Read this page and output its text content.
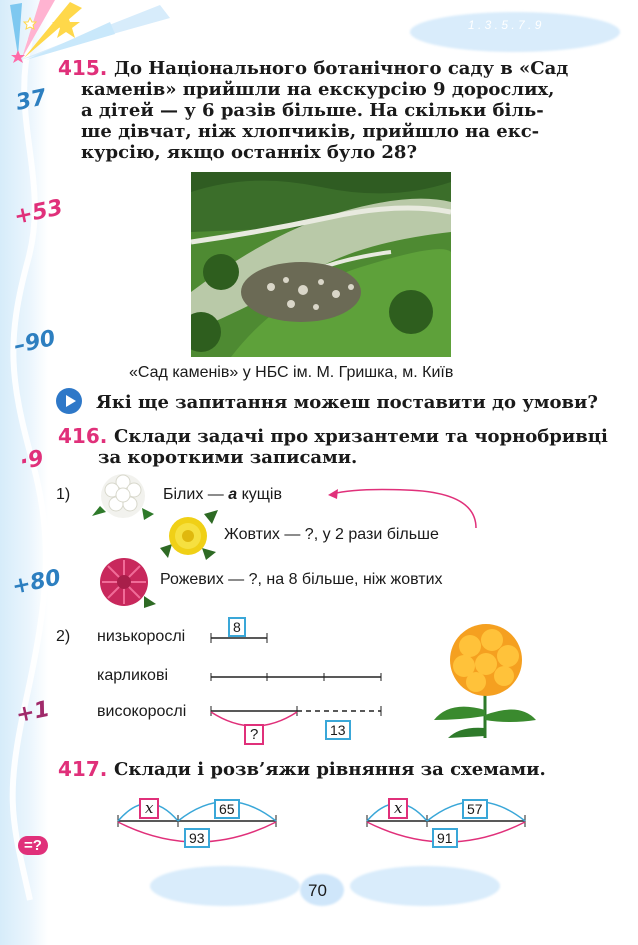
1 . 3 . 5 . 7 . 9
37
+53
–90
·9
+80
+1
=?
415. До Національного ботанічного саду в «Сад
каменів» прийшли на екскурсію 9 дорослих,
а дітей — у 6 разів більше. На скільки біль-
ше дівчат, ніж хлопчиків, прийшло на екс-
курсію, якщо останніх було 28?
«Сад каменів» у НБС ім. М. Гришка, м. Київ
Які ще запитання можеш поставити до умови?
416. Склади задачі про хризантеми та чорнобривці
за короткими записами.
1)	Білих — а кущів
Жовтих — ?, у 2 рази більше
Рожевих — ?, на 8 більше, ніж жовтих
2) низькорослі
карликові
високорослі
8
?	13
417. Склади і розв’яжи рівняння за схемами.
x	65
93
x	57
91
70
